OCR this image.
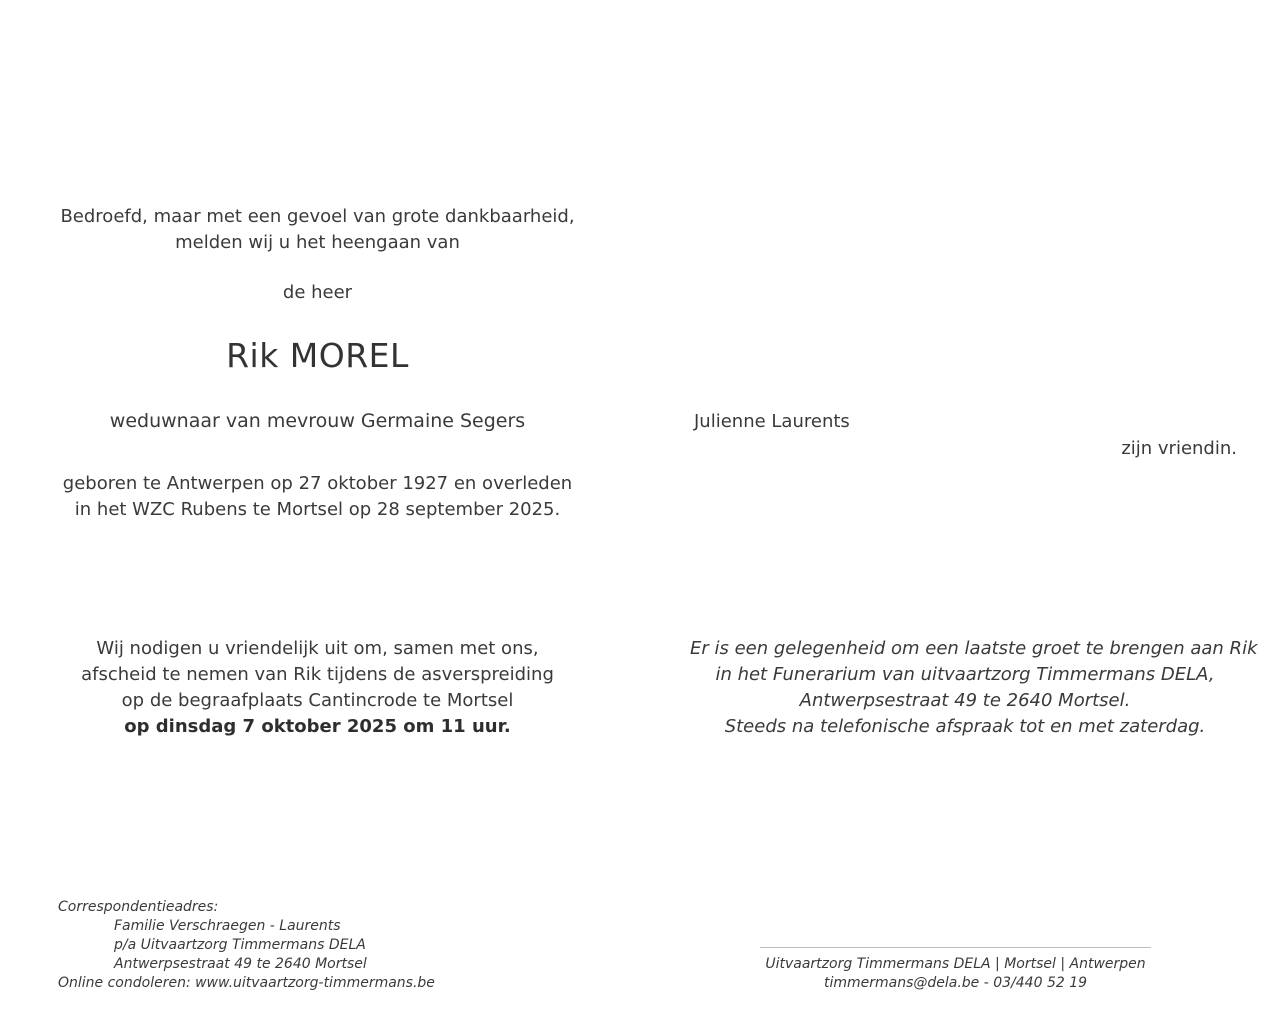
Bedroefd, maar met een gevoel van grote dankbaarheid,
melden wij u het heengaan van
de heer
Rik MOREL
weduwnaar van mevrouw Germaine Segers
geboren te Antwerpen op 27 oktober 1927 en overleden
in het WZC Rubens te Mortsel op 28 september 2025.
Wij nodigen u vriendelijk uit om, samen met ons,
afscheid te nemen van Rik tijdens de asverspreiding
op de begraafplaats Cantincrode te Mortsel
op dinsdag 7 oktober 2025 om 11 uur.
Julienne Laurents
zijn vriendin.
Er is een gelegenheid om een laatste groet te brengen aan Rik
in het Funerarium van uitvaartzorg Timmermans DELA,
Antwerpsestraat 49 te 2640 Mortsel.
Steeds na telefonische afspraak tot en met zaterdag.
Correspondentieadres:
Familie Verschraegen - Laurents
p/a Uitvaartzorg Timmermans DELA
Antwerpsestraat 49 te 2640 Mortsel
Online condoleren: www.uitvaartzorg-timmermans.be
Uitvaartzorg Timmermans DELA | Mortsel | Antwerpen
timmermans@dela.be - 03/440 52 19
